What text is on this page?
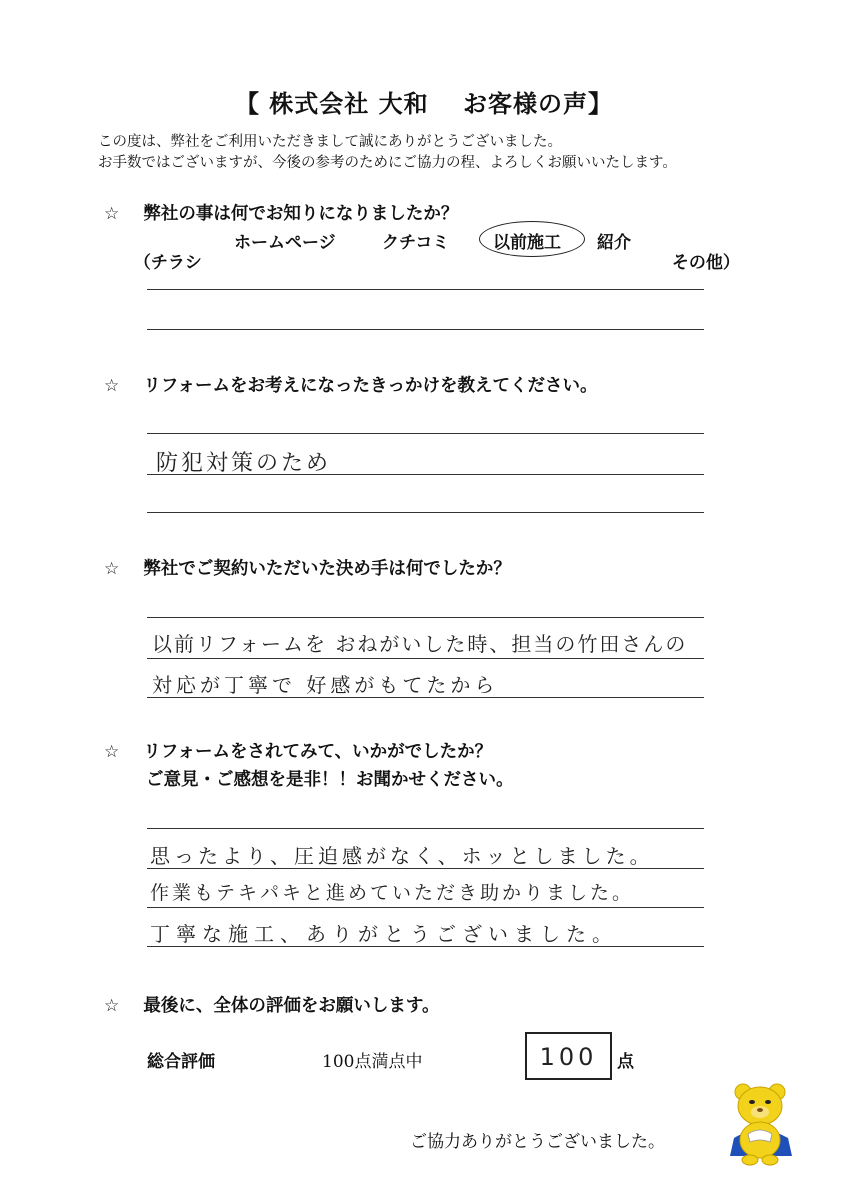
【 株式会社 大和　 お客様の声】
この度は、弊社をご利用いただきまして誠にありがとうございました。
お手数ではございますが、今後の参考のためにご協力の程、よろしくお願いいたします。
☆ 弊社の事は何でお知りになりましたか？

（チラシ

ホームページ	クチコミ	以前施工 紹介

その他）

☆ リフォームをお考えになったきっかけを教えてください。
防犯対策のため
☆ 弊社でご契約いただいた決め手は何でしたか？
以前リフォームを おねがいした時、担当の竹田さんの
対応が丁寧で 好感がもてたから
☆ リフォームをされてみて、いかがでしたか？
ご意見・ご感想を是非！！お聞かせください。
思ったより、圧迫感がなく、ホッとしました。
作業もテキパキと進めていただき助かりました。
丁寧な施工、ありがとうございました。
☆ 最後に、全体の評価をお願いします。
総合評価	100点満点中	100	点
ご協力ありがとうございました。
